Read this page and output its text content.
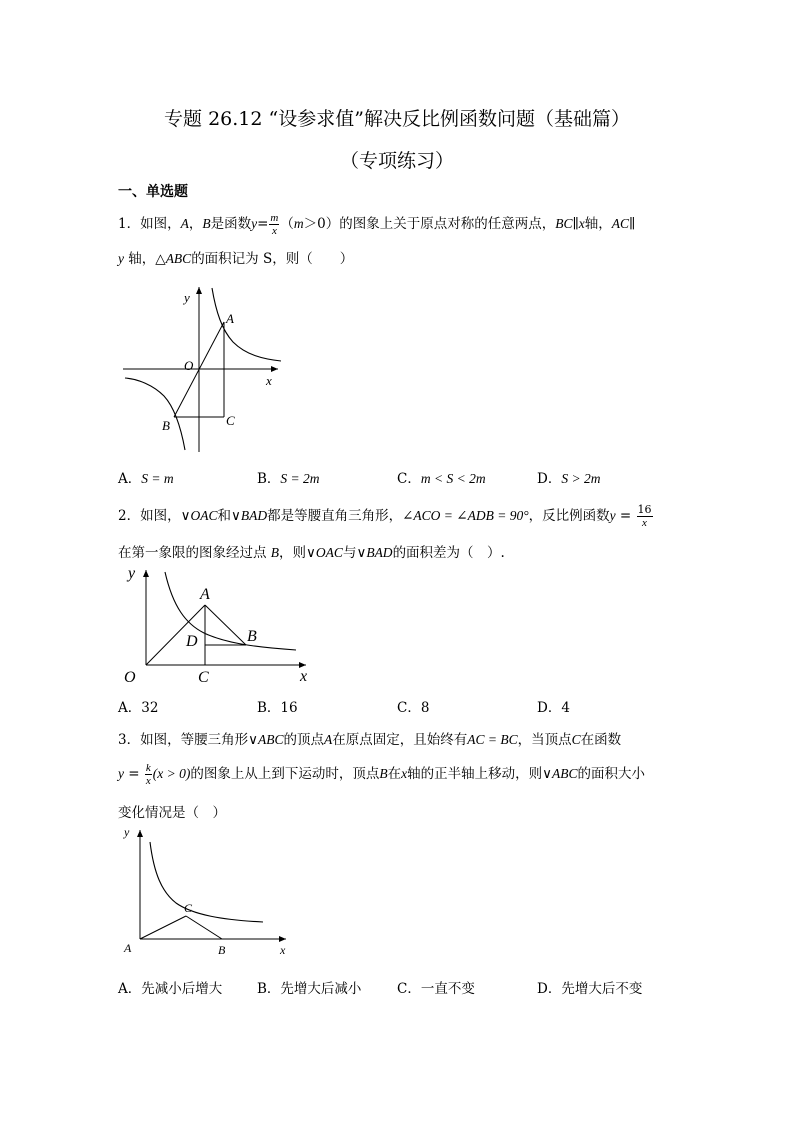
专题 26.12 “设参求值”解决反比例函数问题（基础篇）
（专项练习）
一、单选题
1．如图，A，B是函数$y= \frac{m}{x} (m>0)$的图象上关于原点对称的任意两点，BC∥x轴，AC∥
y 轴，△ABC的面积记为 S，则（　　）
y
x
O
A
B	C
A．S = m	B．S = 2m	C．m < S < 2m	D．S > 2m
2．如图，∨OAC和∨BAD都是等腰直角三角形，∠ACO = ∠ADB = 90°，反比例函数$y = \frac{16}{x}$
在第一象限的图象经过点 B，则∨OAC与∨BAD的面积差为（　）.
y
x
O	C
A
D	B
A．32	B．16	C．8	D．4
3．如图，等腰三角形∨ABC的顶点A在原点固定，且始终有AC = BC，当顶点C在函数
$y = \frac{k}{x} (x > 0)$的图象上从上到下运动时，顶点B在x轴的正半轴上移动，则∨ABC的面积大小
变化情况是（　）
y
x
A	B
C
A．先减小后增大	B．先增大后减小	C．一直不变	D．先增大后不变
